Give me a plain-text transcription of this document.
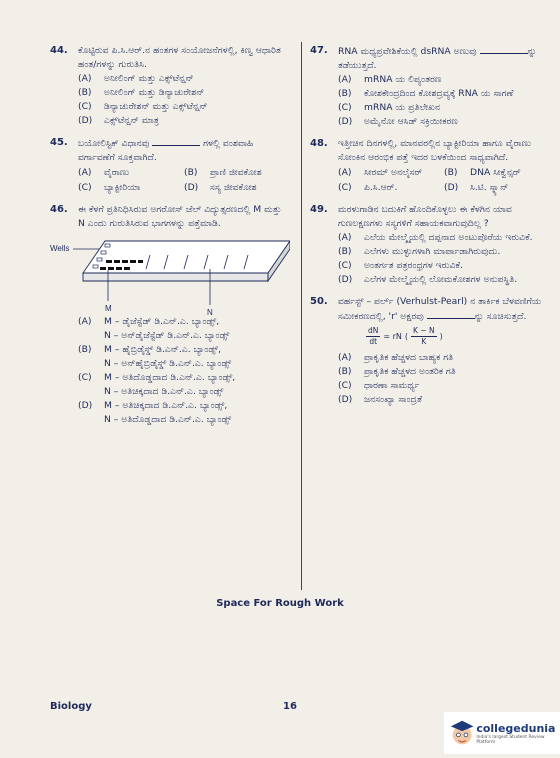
44. ಕೊಟ್ಟಿರುವ ಪಿ.ಸಿ.ಆರ್.ನ ಹಂತಗಳ ಸಂಯೋಜನೆಗಳಲ್ಲಿ, ಕಿಣ್ವ ಆಧಾರಿತ ಹಂತ/ಗಳನ್ನು ಗುರುತಿಸಿ.
(A)	ಅನೀಲಿಂಗ್ ಮತ್ತು ಎಕ್ಸ್‌ಟೆನ್ಷನ್
(B)	ಅನೀಲಿಂಗ್ ಮತ್ತು ಡಿನ್ಯಾಚುರೇಶನ್
(C)	ಡಿನ್ಯಾಚುರೇಶನ್ ಮತ್ತು ಎಕ್ಸ್‌ಟೆನ್ಷನ್
(D)	ಎಕ್ಸ್‌ಟೆನ್ಷನ್ ಮಾತ್ರ
45. ಬಯೋಲಿಸ್ಟಿಕ್ ವಿಧಾನವು	ಗಳಲ್ಲಿ ವಂಶವಾಹಿ ವರ್ಗಾವಣೆಗೆ ಸೂಕ್ತವಾಗಿದೆ.
(A)	ವೈರಾಣು	(B)	ಪ್ರಾಣಿ ಜೀವಕೋಶ
(C)	ಬ್ಯಾಕ್ಟೀರಿಯಾ	(D)	ಸಸ್ಯ ಜೀವಕೋಶ
46. ಈ ಕೆಳಗೆ ಪ್ರತಿನಿಧಿಸಿರುವ ಅಗರೋಸ್ ಜೆಲ್ ವಿದ್ಯುತ್ಸರಣದಲ್ಲಿ M ಮತ್ತು N ಎಂದು ಗುರುತಿಸಿರುವ ಭಾಗಗಳನ್ನು ಪತ್ತೆಮಾಡಿ.
Wells
M	N
(A)	M – ಡೈಜೆಸ್ಟೆಡ್ ಡಿ.ಎನ್.ಎ. ಬ್ಯಾಂಡ್ಸ್,
N – ಅನ್‌ಡೈಜೆಸ್ಟೆಡ್ ಡಿ.ಎನ್.ಎ. ಬ್ಯಾಂಡ್ಸ್
(B)	M – ಹೈಬ್ರಿಡೈಸ್ಡ್ ಡಿ.ಎನ್.ಎ. ಬ್ಯಾಂಡ್ಸ್,
N – ಅನ್‌ಹೈಬ್ರಿಡೈಸ್ಡ್ ಡಿ.ಎನ್.ಎ. ಬ್ಯಾಂಡ್ಸ್
(C)	M – ಅತಿದೊಡ್ಡದಾದ ಡಿ.ಎನ್.ಎ. ಬ್ಯಾಂಡ್ಸ್,
N – ಅತಿಚಿಕ್ಕದಾದ ಡಿ.ಎನ್.ಎ. ಬ್ಯಾಂಡ್ಸ್
(D)	M – ಅತಿಚಿಕ್ಕದಾದ ಡಿ.ಎನ್.ಎ. ಬ್ಯಾಂಡ್ಸ್,
N – ಅತಿದೊಡ್ಡದಾದ ಡಿ.ಎನ್.ಎ. ಬ್ಯಾಂಡ್ಸ್
47. RNA ಮಧ್ಯಪ್ರವೇಶಿಕೆಯಲ್ಲಿ dsRNA ಅಣುವು	ನ್ನು ತಡೆಯುತ್ತದೆ.
(A)	mRNA ಯ ಲಿಪ್ಯಂತರಣ
(B)	ಕೋಶಕೇಂದ್ರದಿಂದ ಕೋಶದ್ರವ್ಯಕ್ಕೆ RNA ಯ ಸಾಗಣೆ
(C)	mRNA ಯ ಪ್ರತಿಲೇಖನ
(D)	ಅಮೈನೋ ಆಸಿಡ್ ಸಕ್ರಿಯೀಕರಣ
48. ಇತ್ತೀಚಿನ ದಿನಗಳಲ್ಲಿ, ಮಾನವರಲ್ಲಿನ ಬ್ಯಾಕ್ಟೀರಿಯಾ ಹಾಗೂ ವೈರಾಣು ಸೋಂಕಿನ ಆರಂಭಿಕ ಪತ್ತೆ ಇದರ ಬಳಕೆಯಿಂದ ಸಾಧ್ಯವಾಗಿದೆ.
(A)	ಸೀರಮ್ ಅನಲೈಸರ್ (B)	DNA ಸೀಕ್ವೆನ್ಸರ್
(C)	ಪಿ.ಸಿ.ಆರ್.	(D)	ಸಿ.ಟಿ. ಸ್ಕ್ಯಾನ್
49. ಮರಳುಗಾಡಿನ ಬದುಕಿಗೆ ಹೊಂದಿಕೊಳ್ಳಲು ಈ ಕೆಳಗಿನ ಯಾವ ಗುಣಲಕ್ಷಣಗಳು ಸಸ್ಯಗಳಿಗೆ ಸಹಾಯಕವಾಗುವುದಿಲ್ಲ ?
(A)	ಎಲೆಯ ಮೇಲ್ಮೈಯಲ್ಲಿ ದಪ್ಪನಾದ ಅಂಟುಪೊರೆಯ ಇರುವಿಕೆ.
(B)	ಎಲೆಗಳು ಮುಳ್ಳುಗಳಾಗಿ ಮಾರ್ಪಾಡಾಗಿರುವುದು.
(C)	ಅಂತರ್ಗತ ಪತ್ರರಂಧ್ರಗಳ ಇರುವಿಕೆ.
(D)	ಎಲೆಗಳ ಮೇಲ್ಮೈಯಲ್ಲಿ ಲೋಮಕೋಶಗಳ ಅನುಪಸ್ಥಿತಿ.
50. ವರ್ಹಸ್ಟ್ – ಪರ್ಲ್ (Verhulst-Pearl) ನ ತಾರ್ಕಿಕ ಬೆಳವಣಿಗೆಯ ಸಮೀಕರಣದಲ್ಲಿ, 'r' ಅಕ್ಷರವು	ನ್ನು ಸೂಚಿಸುತ್ತದೆ.
$\frac{dN}{dt}$ = rN ( $\frac{K - N}{K}$ )
(A)	ಪ್ರಾಕೃತಿಕ ಹೆಚ್ಚಳದ ಬಾಹ್ಯಕ ಗತಿ
(B)	ಪ್ರಾಕೃತಿಕ ಹೆಚ್ಚಳದ ಅಂತರಿಕ ಗತಿ
(C)	ಧಾರಣಾ ಸಾಮರ್ಥ್ಯ
(D)	ಜನಸಂಖ್ಯಾ ಸಾಂದ್ರತೆ
Space For Rough Work
Biology	16
collegedunia
India's largest Student Review Platform
